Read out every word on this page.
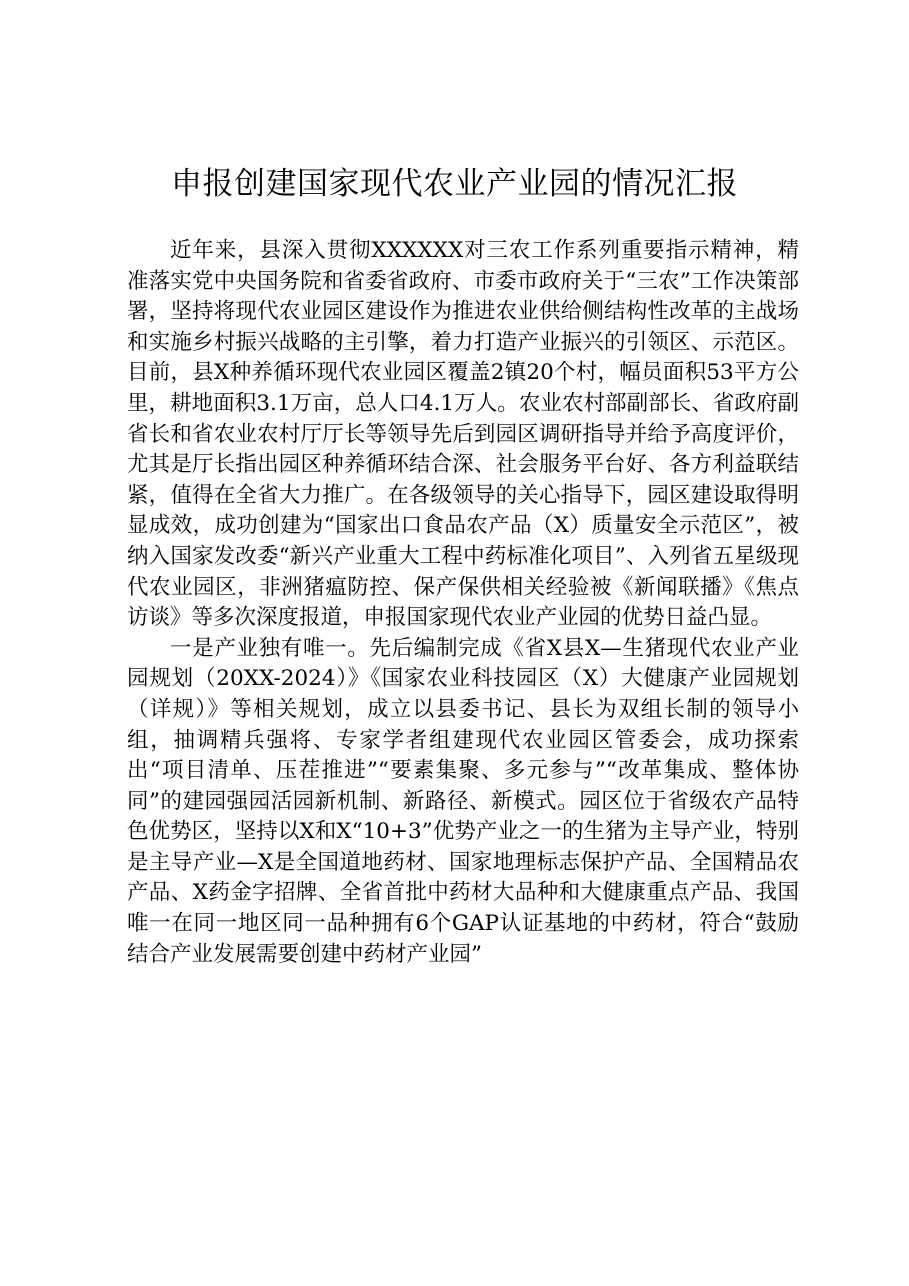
申报创建国家现代农业产业园的情况汇报

近年来，县深入贯彻XXXXXX对三农工作系列重要指示精神，精准落实党中央国务院和省委省政府、市委市政府关于“三农”工作决策部署，坚持将现代农业园区建设作为推进农业供给侧结构性改革的主战场和实施乡村振兴战略的主引擎，着力打造产业振兴的引领区、示范区。目前，县X种养循环现代农业园区覆盖2镇20个村，幅员面积53平方公里，耕地面积3.1万亩，总人口4.1万人。农业农村部副部长、省政府副省长和省农业农村厅厅长等领导先后到园区调研指导并给予高度评价，尤其是厅长指出园区种养循环结合深、社会服务平台好、各方利益联结紧，值得在全省大力推广。在各级领导的关心指导下，园区建设取得明显成效，成功创建为“国家出口食品农产品（X）质量安全示范区”，被纳入国家发改委“新兴产业重大工程中药标准化项目”、入列省五星级现代农业园区，非洲猪瘟防控、保产保供相关经验被《新闻联播》《焦点访谈》等多次深度报道，申报国家现代农业产业园的优势日益凸显。

一是产业独有唯一。先后编制完成《省X县X—生猪现代农业产业园规划（20XX-2024）》《国家农业科技园区（X）大健康产业园规划（详规）》等相关规划，成立以县委书记、县长为双组长制的领导小组，抽调精兵强将、专家学者组建现代农业园区管委会，成功探索出“项目清单、压茬推进”“要素集聚、多元参与”“改革集成、整体协同”的建园强园活园新机制、新路径、新模式。园区位于省级农产品特色优势区，坚持以X和X“10+3”优势产业之一的生猪为主导产业，特别是主导产业—X是全国道地药材、国家地理标志保护产品、全国精品农产品、X药金字招牌、全省首批中药材大品种和大健康重点产品、我国唯一在同一地区同一品种拥有6个GAP认证基地的中药材，符合“鼓励结合产业发展需要创建中药材产业园”
